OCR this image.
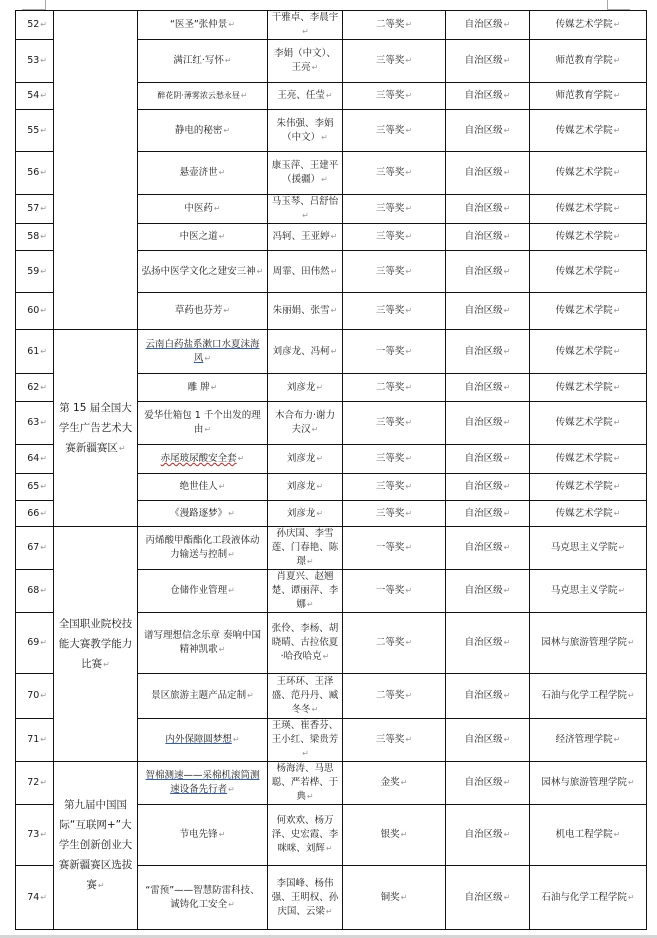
52↵		“医圣”张仲景↵	干雅卓、李晨宇↵	二等奖↵	自治区级↵	传媒艺术学院↵
53↵		满江红·写怀↵	李娟（中文）、王亮↵	三等奖↵	自治区级↵	师范教育学院↵
54↵		醉花阴·薄雾浓云愁永昼↵	王亮、任莹↵	三等奖↵	自治区级↵	师范教育学院↵
55↵		静电的秘密↵	朱伟强、李娟（中文）↵	三等奖↵	自治区级↵	传媒艺术学院↵
56↵		悬壶济世↵	康玉萍、王建平（援疆）↵	三等奖↵	自治区级↵	传媒艺术学院↵
57↵		中医药↵	马玉琴、吕舒怡↵	三等奖↵	自治区级↵	传媒艺术学院↵
58↵		中医之道↵	冯轲、王亚婷↵	三等奖↵	自治区级↵	传媒艺术学院↵
59↵		弘扬中医学文化之建安三神↵	周霏、田伟然↵	三等奖↵	自治区级↵	传媒艺术学院↵
60↵		草药也芬芳↵	朱丽娟、张雪↵	三等奖↵	自治区级↵	传媒艺术学院↵
61↵	第 15 届全国大学生广告艺术大赛新疆赛区↵	云南白药盐系漱口水夏沫海风↵	刘彦龙、冯柯↵	一等奖↵	自治区级↵	传媒艺术学院↵
62↵		雕 牌↵	刘彦龙↵	二等奖↵	自治区级↵	传媒艺术学院↵
63↵		爱华仕箱包 1 千个出发的理由↵	木合布力·谢力夫汉↵	三等奖↵	自治区级↵	传媒艺术学院↵
64↵		赤尾玻尿酸安全套↵	刘彦龙↵	三等奖↵	自治区级↵	传媒艺术学院↵
65↵		绝世佳人↵	刘彦龙↵	三等奖↵	自治区级↵	传媒艺术学院↵
66↵		《漫路逐梦》↵	刘彦龙↵	三等奖↵	自治区级↵	传媒艺术学院↵
67↵	全国职业院校技能大赛教学能力比赛↵	丙烯酸甲酯酯化工段液体动力输送与控制↵	孙庆国、李雪莲、门春艳、陈璟↵	一等奖↵	自治区级↵	马克思主义学院↵
68↵		仓储作业管理↵	肖夏兴、赵翘楚、谭丽萍、李娜↵	一等奖↵	自治区级↵	马克思主义学院↵
69↵		谱写理想信念乐章 奏响中国精神凯歌↵	张伶、李杨、胡晓晴、古拉依夏·哈孜哈克↵	二等奖↵	自治区级↵	园林与旅游管理学院↵
70↵		景区旅游主题产品定制↵	王环环、王泽盛、范丹丹、臧冬冬↵	二等奖↵	自治区级↵	石油与化学工程学院↵
71↵		内外保障圆梦想↵	王瑛、崔香芬、王小红、梁贵芳↵	三等奖↵	自治区级↵	经济管理学院↵
72↵	第九届中国国际“互联网+”大学生创新创业大赛新疆赛区选拔赛↵	智棉测速——采棉机滚筒测速设备先行者↵	杨海涛、马思聪、严若桦、于典↵	金奖↵	自治区级↵	园林与旅游管理学院↵
73↵		节电先锋↵	何欢欢、杨万泽、史宏霞、李咪咪、刘辉↵	银奖↵	自治区级↵	机电工程学院↵
74↵		“雷预”——智慧防雷科技、诚铸化工安全↵	李国峰、杨伟强、王明权、孙庆国、云梁↵	铜奖↵	自治区级↵	石油与化学工程学院↵
